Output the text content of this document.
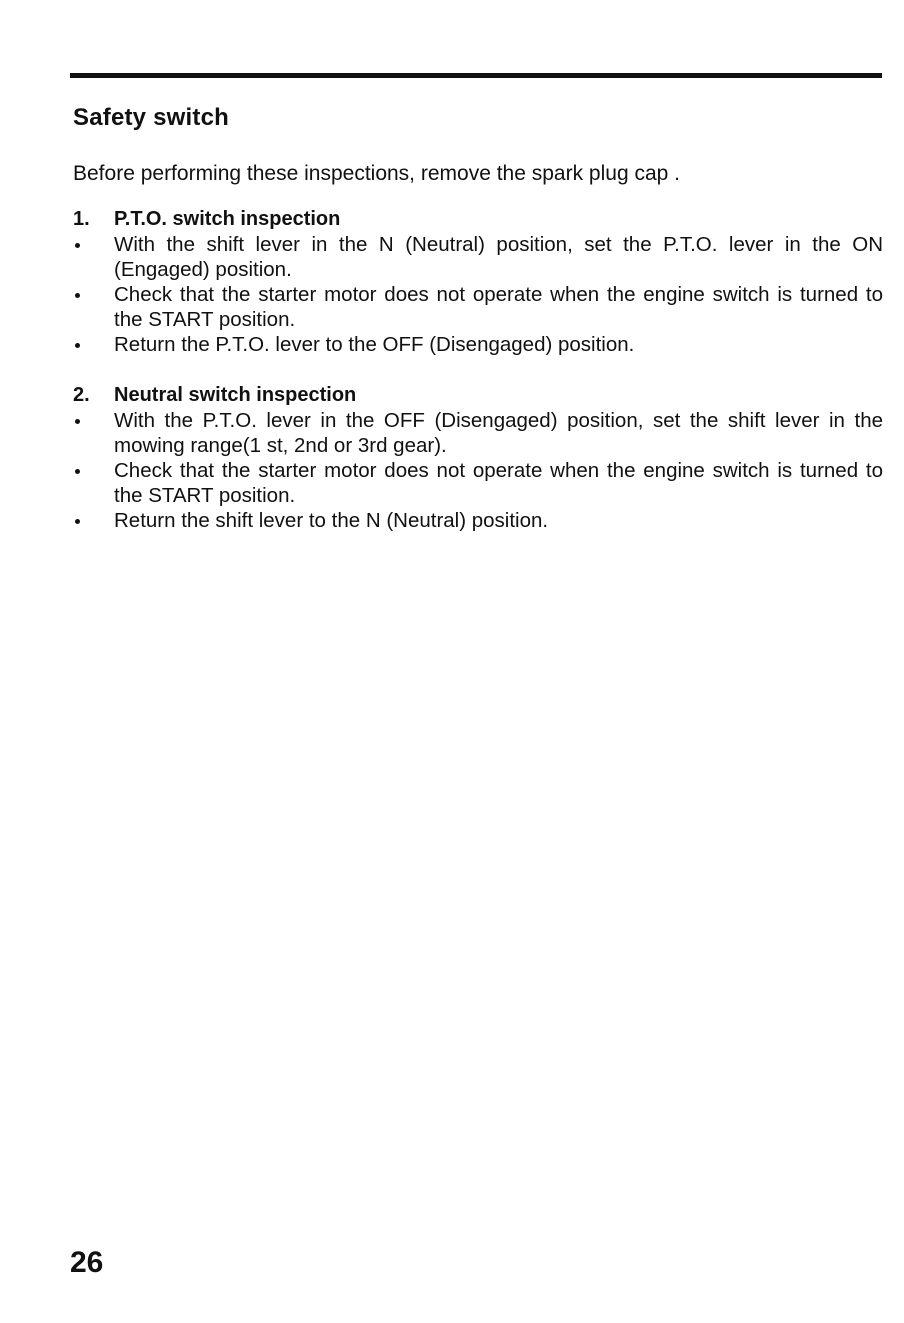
Safety switch
Before performing these inspections, remove the spark plug cap .
1.	P.T.O. switch inspection
With the shift lever in the N (Neutral) position, set the P.T.O. lever in the ON (Engaged) position.
Check that the starter motor does not operate when the engine switch is turned to the START position.
Return the P.T.O. lever to the OFF (Disengaged) position.
2.	Neutral switch inspection
With the P.T.O. lever in the OFF (Disengaged) position, set the shift lever in the mowing range(1 st, 2nd or 3rd gear).
Check that the starter motor does not operate when the engine switch is turned to the START position.
Return the shift lever to the N (Neutral) position.
26
